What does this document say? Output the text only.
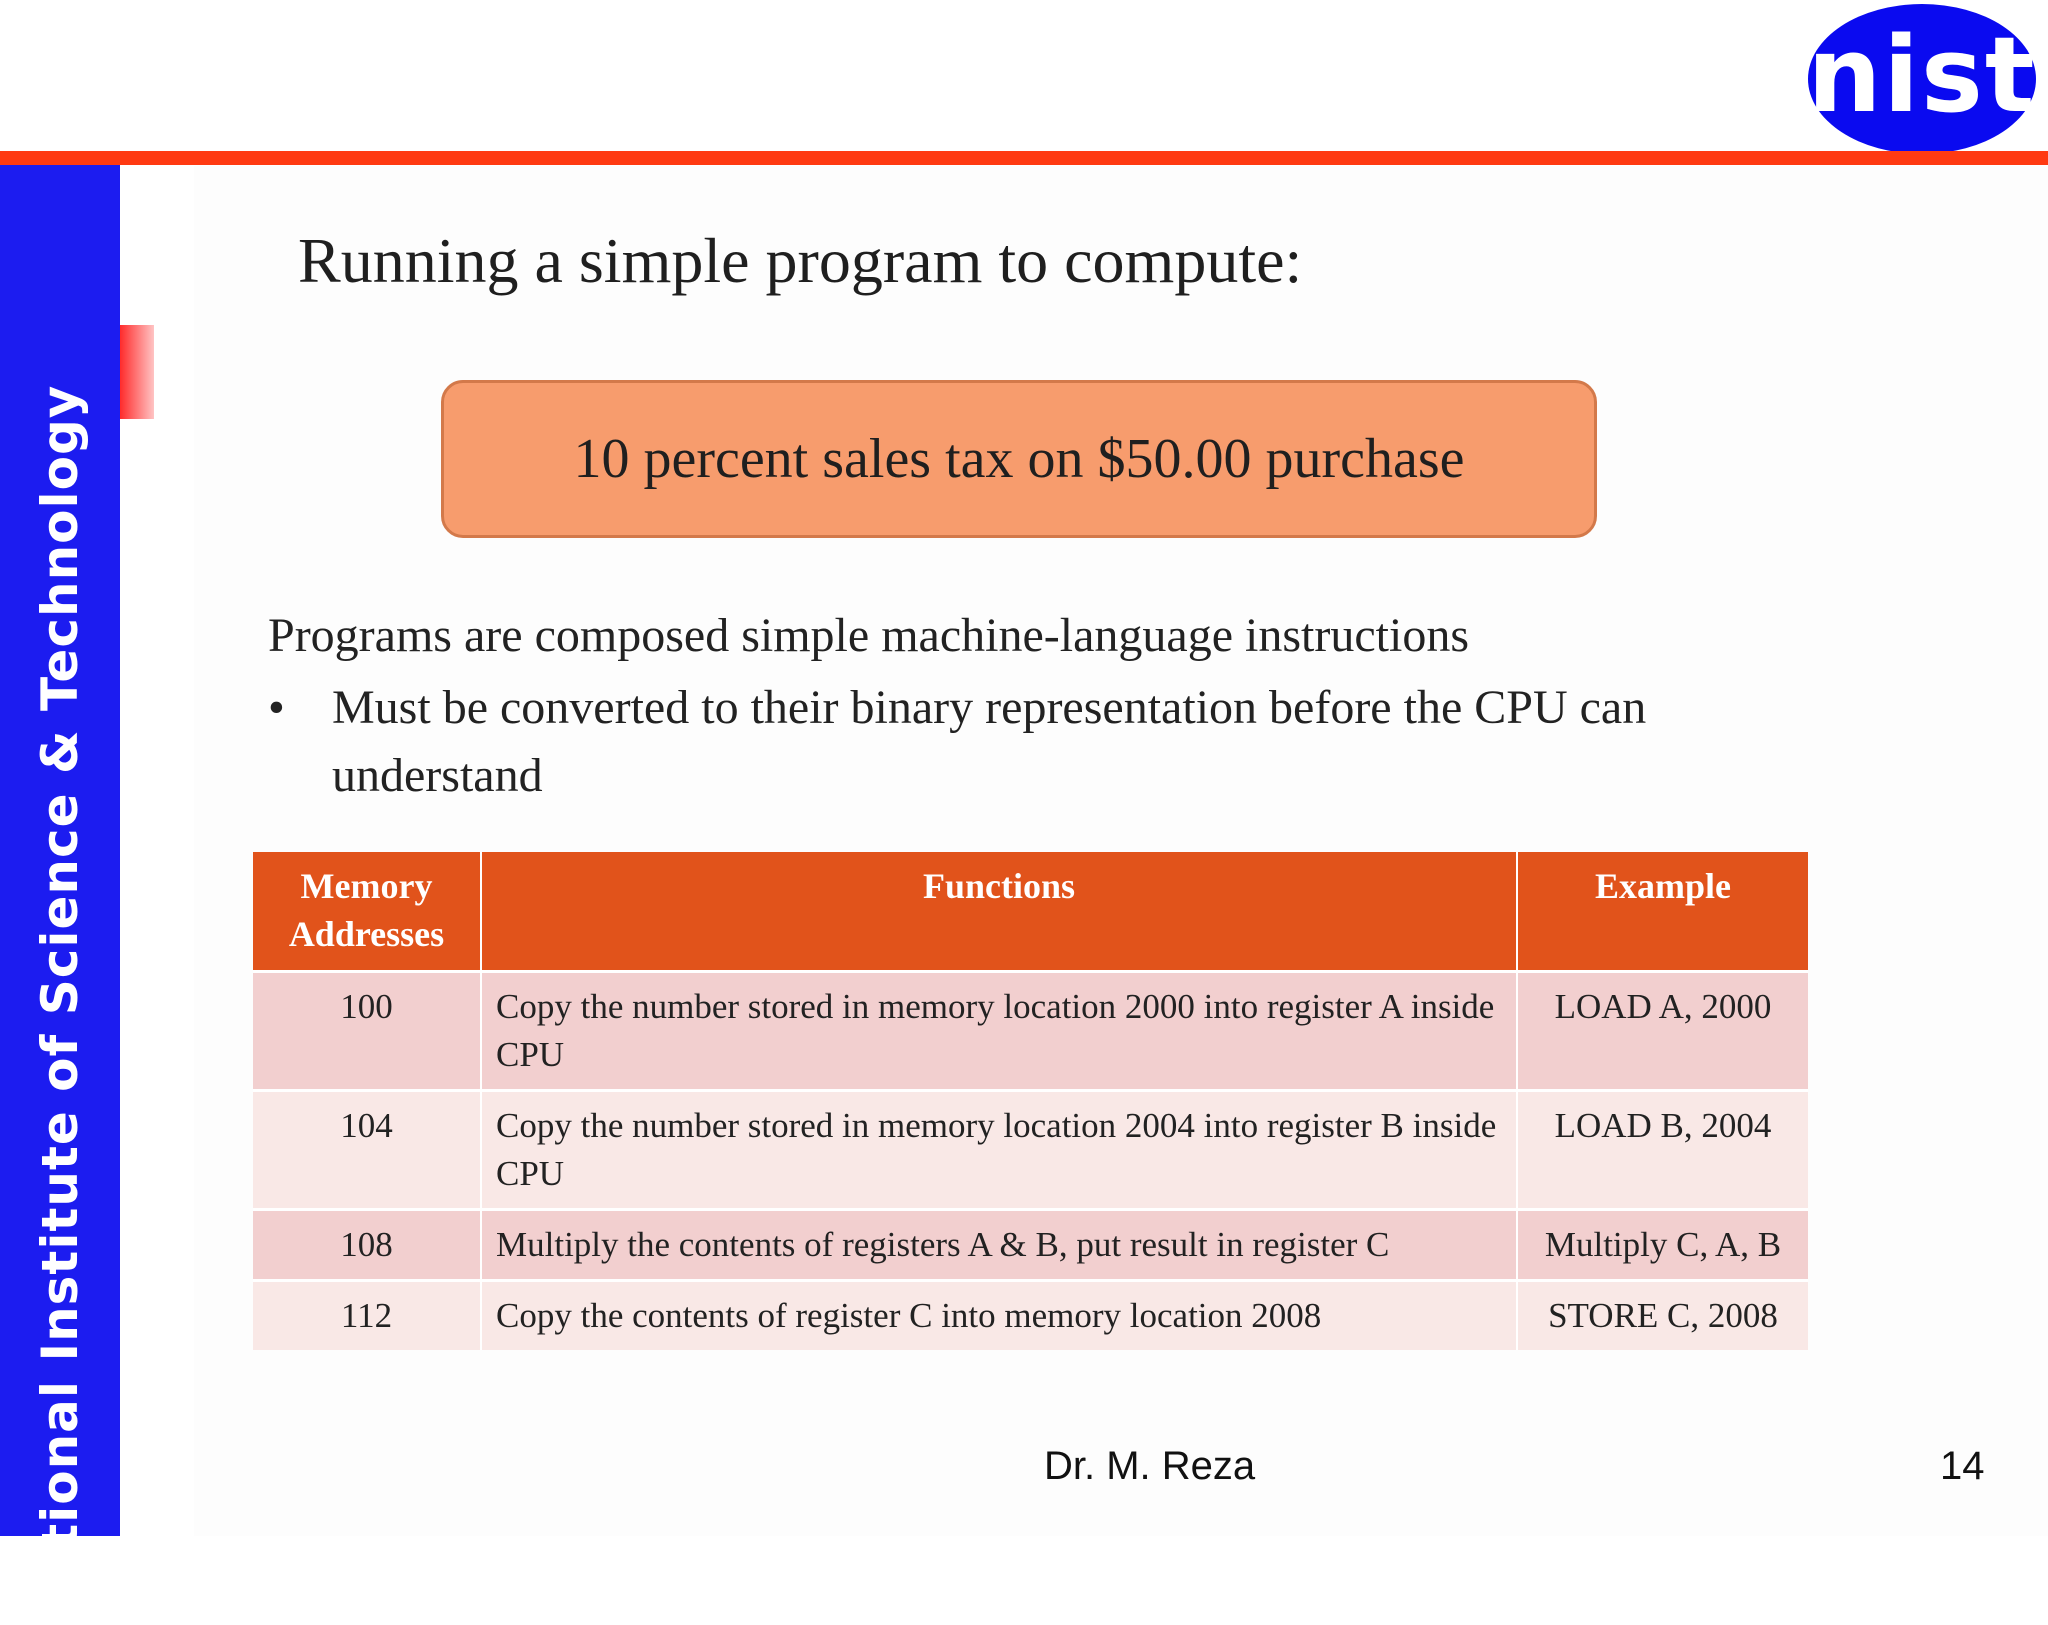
nist
National Institute of Science & Technology
Running a simple program to compute:
10 percent sales tax on $50.00 purchase
Programs are composed simple machine-language instructions
• Must be converted to their binary representation before the CPU can understand
Memory Addresses	Functions	Example
100	Copy the number stored in memory location 2000 into register A inside CPU	LOAD A, 2000
104	Copy the number stored in memory location 2004 into register B inside CPU	LOAD B, 2004
108	Multiply the contents of registers A & B, put result in register C	Multiply C, A, B
112	Copy the contents of register C into memory location 2008	STORE C, 2008
Dr. M. Reza	14
